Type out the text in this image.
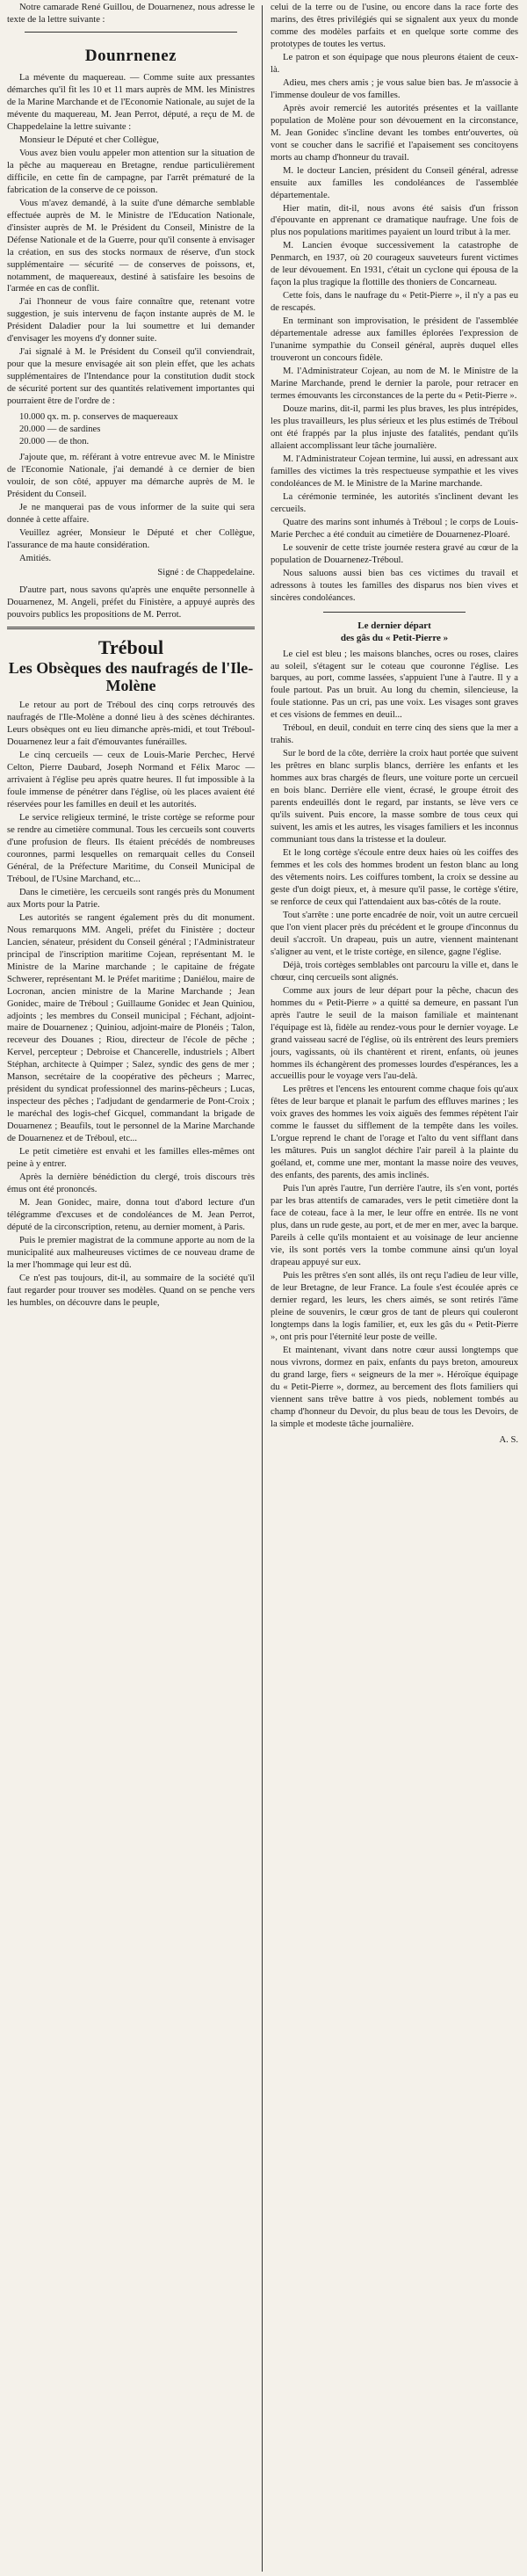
Notre camarade René Guillou, de Douarnenez, nous adresse le texte de la lettre suivante :

Dounrnenez

La mévente du maquereau. — Comme suite aux pressantes démarches qu'il fit les 10 et 11 mars auprès de MM. les Ministres de la Marine Marchande et de l'Economie Nationale, au sujet de la mévente du maquereau, M. Jean Perrot, député, a reçu de M. de Chappedelaine la lettre suivante :

Monsieur le Député et cher Collègue,

Vous avez bien voulu appeler mon attention sur la situation de la pêche au maquereau en Bretagne, rendue particulièrement difficile, en cette fin de campagne, par l'arrêt prématuré de la fabrication de la conserve de ce poisson.

Vous m'avez demandé, à la suite d'une démarche semblable effectuée auprès de M. le Ministre de l'Education Nationale, d'insister auprès de M. le Président du Conseil, Ministre de la Défense Nationale et de la Guerre, pour qu'il consente à envisager la création, en sus des stocks normaux de réserve, d'un stock supplémentaire — sécurité — de conserves de poissons, et, notamment, de maquereaux, destiné à satisfaire les besoins de l'armée en cas de conflit.

J'ai l'honneur de vous faire connaître que, retenant votre suggestion, je suis intervenu de façon instante auprès de M. le Président Daladier pour la lui soumettre et lui demander d'envisager les moyens d'y donner suite.

J'ai signalé à M. le Président du Conseil qu'il conviendrait, pour que la mesure envisagée ait son plein effet, que les achats supplémentaires de l'Intendance pour la constitution dudit stock de sécurité portent sur des quantités relativement importantes qui pourraient être de l'ordre de :

10.000 qx. m. p. conserves de maquereaux
20.000 — de sardines
20.000 — de thon.

J'ajoute que, m. référant à votre entrevue avec M. le Ministre de l'Economie Nationale, j'ai demandé à ce dernier de bien vouloir, de son côté, appuyer ma démarche auprès de M. le Président du Conseil.

Je ne manquerai pas de vous informer de la suite qui sera donnée à cette affaire.

Veuillez agréer, Monsieur le Député et cher Collègue, l'assurance de ma haute considération.

Amitiés.

Signé : de Chappedelaine.

D'autre part, nous savons qu'après une enquête personnelle à Douarnenez, M. Angeli, préfet du Finistère, a appuyé auprès des pouvoirs publics les propositions de M. Perrot.

Tréboul
Les Obsèques des naufragés de l'Ile-Molène

Le retour au port de Tréboul des cinq corps retrouvés des naufragés de l'Ile-Molène a donné lieu à des scènes déchirantes. Leurs obsèques ont eu lieu dimanche après-midi, et tout Tréboul-Douarnenez leur a fait d'émouvantes funérailles.

Le cinq cercueils — ceux de Louis-Marie Perchec, Hervé Celton, Pierre Daubard, Joseph Normand et Félix Maroc — arrivaient à l'église peu après quatre heures. Il fut impossible à la foule immense de pénétrer dans l'église, où les places avaient été réservées pour les familles en deuil et les autorités.

Le service religieux terminé, le triste cortège se reforme pour se rendre au cimetière communal. Tous les cercueils sont couverts d'une profusion de fleurs. Ils étaient précédés de nombreuses couronnes, parmi lesquelles on remarquait celles du Conseil Général, de la Préfecture Maritime, du Conseil Municipal de Tréboul, de l'Usine Marchand, etc...

Dans le cimetière, les cercueils sont rangés près du Monument aux Morts pour la Patrie.

Les autorités se rangent également près du dit monument. Nous remarquons MM. Angeli, préfet du Finistère ; docteur Lancien, sénateur, président du Conseil général ; l'Administrateur principal de l'inscription maritime Cojean, représentant M. le Ministre de la Marine marchande ; le capitaine de frégate Schwerer, représentant M. le Préfet maritime ; Daniélou, maire de Locronan, ancien ministre de la Marine Marchande ; Jean Gonidec, maire de Tréboul ; Guillaume Gonidec et Jean Quiniou, adjoints ; les membres du Conseil municipal ; Féchant, adjoint-maire de Douarnenez ; Quiniou, adjoint-maire de Plonéis ; Talon, receveur des Douanes ; Riou, directeur de l'école de pêche ; Kervel, percepteur ; Debroise et Chancerelle, industriels ; Albert Stéphan, architecte à Quimper ; Salez, syndic des gens de mer ; Manson, secrétaire de la coopérative des pêcheurs ; Marrec, président du syndicat professionnel des marins-pêcheurs ; Lucas, inspecteur des pêches ; l'adjudant de gendarmerie de Pont-Croix ; le maréchal des logis-chef Gicquel, commandant la brigade de Douarnenez ; Beaufils, tout le personnel de la Marine Marchande de Douarnenez et de Tréboul, etc...

Le petit cimetière est envahi et les familles elles-mêmes ont peine à y entrer.

Après la dernière bénédiction du clergé, trois discours très émus ont été prononcés.

M. Jean Gonidec, maire, donna tout d'abord lecture d'un télégramme d'excuses et de condoléances de M. Jean Perrot, député de la circonscription, retenu, au dernier moment, à Paris.

Puis le premier magistrat de la commune apporte au nom de la municipalité aux malheureuses victimes de ce nouveau drame de la mer l'hommage qui leur est dû.

Ce n'est pas toujours, dit-il, au sommaire de la société qu'il faut regarder pour trouver ses modèles. Quand on se penche vers les humbles, on découvre dans le peuple,

celui de la terre ou de l'usine, ou encore dans la race forte des marins, des êtres privilégiés qui se signalent aux yeux du monde comme des modèles parfaits et en quelque sorte comme des prototypes de toutes les vertus.

Le patron et son équipage que nous pleurons étaient de ceux-là.

Adieu, mes chers amis ; je vous salue bien bas. Je m'associe à l'immense douleur de vos familles.

Après avoir remercié les autorités présentes et la vaillante population de Molène pour son dévouement en la circonstance, M. Jean Gonidec s'incline devant les tombes entr'ouvertes, où vont se coucher dans le sacrifié et l'apaisement ses concitoyens morts au champ d'honneur du travail.

M. le docteur Lancien, président du Conseil général, adresse ensuite aux familles les condoléances de l'assemblée départementale.

Hier matin, dit-il, nous avons été saisis d'un frisson d'épouvante en apprenant ce dramatique naufrage. Une fois de plus nos populations maritimes payaient un lourd tribut à la mer.

M. Lancien évoque successivement la catastrophe de Penmarch, en 1937, où 20 courageux sauveteurs furent victimes de leur dévouement. En 1931, c'était un cyclone qui épousa de la façon la plus tragique la flottille des thoniers de Concarneau.

Cette fois, dans le naufrage du « Petit-Pierre », il n'y a pas eu de rescapés.

En terminant son improvisation, le président de l'assemblée départementale adresse aux familles éplorées l'expression de l'unanime sympathie du Conseil général, auprès duquel elles trouveront un concours fidèle.

M. l'Administrateur Cojean, au nom de M. le Ministre de la Marine Marchande, prend le dernier la parole, pour retracer en termes émouvants les circonstances de la perte du « Petit-Pierre ».

Douze marins, dit-il, parmi les plus braves, les plus intrépides, les plus travailleurs, les plus sérieux et les plus estimés de Tréboul ont été frappés par la plus injuste des fatalités, pendant qu'ils allaient accomplissant leur tâche journalière.

M. l'Administrateur Cojean termine, lui aussi, en adressant aux familles des victimes la très respectueuse sympathie et les vives condoléances de M. le Ministre de la Marine marchande.

La cérémonie terminée, les autorités s'inclinent devant les cercueils.

Quatre des marins sont inhumés à Tréboul ; le corps de Louis-Marie Perchec a été conduit au cimetière de Douarnenez-Ploaré.

Le souvenir de cette triste journée restera gravé au cœur de la population de Douarnenez-Tréboul.

Nous saluons aussi bien bas ces victimes du travail et adressons à toutes les familles des disparus nos bien vives et sincères condoléances.

Le dernier départ
des gâs du « Petit-Pierre »

Le ciel est bleu ; les maisons blanches, ocres ou roses, claires au soleil, s'étagent sur le coteau que couronne l'église. Les barques, au port, comme lassées, s'appuient l'une à l'autre. Il y a foule partout. Pas un bruit. Au long du chemin, silencieuse, la foule stationne. Pas un cri, pas une voix. Les visages sont graves et ces visions de femmes en deuil...

Tréboul, en deuil, conduit en terre cinq des siens que la mer a trahis.

Sur le bord de la côte, derrière la croix haut portée que suivent les prêtres en blanc surplis blancs, derrière les enfants et les hommes aux bras chargés de fleurs, une voiture porte un cercueil en bois blanc. Derrière elle vient, écrasé, le groupe étroit des parents endeuillés dont le regard, par instants, se lève vers ce qu'ils suivent. Puis encore, la masse sombre de tous ceux qui suivent, les amis et les autres, les visages familiers et les inconnus communiant tous dans la tristesse et la douleur.

Et le long cortège s'écoule entre deux haies où les coiffes des femmes et les cols des hommes brodent un feston blanc au long des vêtements noirs. Les coiffures tombent, la croix se dessine au geste d'un doigt pieux, et, à mesure qu'il passe, le cortège s'étire, se renforce de ceux qui l'attendaient aux bas-côtés de la route.

Tout s'arrête : une porte encadrée de noir, voit un autre cercueil que l'on vient placer près du précédent et le groupe d'inconnus du deuil s'accroît. Un drapeau, puis un autre, viennent maintenant s'aligner au vent, et le triste cortège, en silence, gagne l'église.

Déjà, trois cortèges semblables ont parcouru la ville et, dans le chœur, cinq cercueils sont alignés.

Comme aux jours de leur départ pour la pêche, chacun des hommes du « Petit-Pierre » a quitté sa demeure, en passant l'un après l'autre le seuil de la maison familiale et maintenant l'équipage est là, fidèle au rendez-vous pour le dernier voyage. Le grand vaisseau sacré de l'église, où ils entrèrent des leurs premiers jours, vagissants, où ils chantèrent et rirent, enfants, où jeunes hommes ils échangèrent des promesses lourdes d'espérances, les a accueillis pour le voyage vers l'au-delà.

Les prêtres et l'encens les entourent comme chaque fois qu'aux fêtes de leur barque et planait le parfum des effluves marines ; les voix graves des hommes les voix aiguës des femmes répètent l'air comme le fausset du sifflement de la tempête dans les voiles. L'orgue reprend le chant de l'orage et l'alto du vent sifflant dans les mâtures. Puis un sanglot déchire l'air pareil à la plainte du goéland, et, comme une mer, montant la masse noire des veuves, des enfants, des parents, des amis inclinés.

Puis l'un après l'autre, l'un derrière l'autre, ils s'en vont, portés par les bras attentifs de camarades, vers le petit cimetière dont la face de coteau, face à la mer, le leur offre en entrée. Ils ne vont plus, dans un rude geste, au port, et de mer en mer, avec la barque. Pareils à celle qu'ils montaient et au voisinage de leur ancienne vie, ils sont portés vers la tombe commune ainsi qu'un loyal drapeau appuyé sur eux.

Puis les prêtres s'en sont allés, ils ont reçu l'adieu de leur ville, de leur Bretagne, de leur France. La foule s'est écoulée après ce dernier regard, les leurs, les chers aimés, se sont retirés l'âme pleine de souvenirs, le cœur gros de tant de pleurs qui couleront longtemps dans la logis familier, et, eux les gâs du « Petit-Pierre », ont pris pour l'éternité leur poste de veille.

Et maintenant, vivant dans notre cœur aussi longtemps que nous vivrons, dormez en paix, enfants du pays breton, amoureux du grand large, fiers « seigneurs de la mer ». Héroïque équipage du « Petit-Pierre », dormez, au bercement des flots familiers qui viennent sans trêve battre à vos pieds, noblement tombés au champ d'honneur du Devoir, du plus beau de tous les Devoirs, de la simple et modeste tâche journalière.

A. S.
